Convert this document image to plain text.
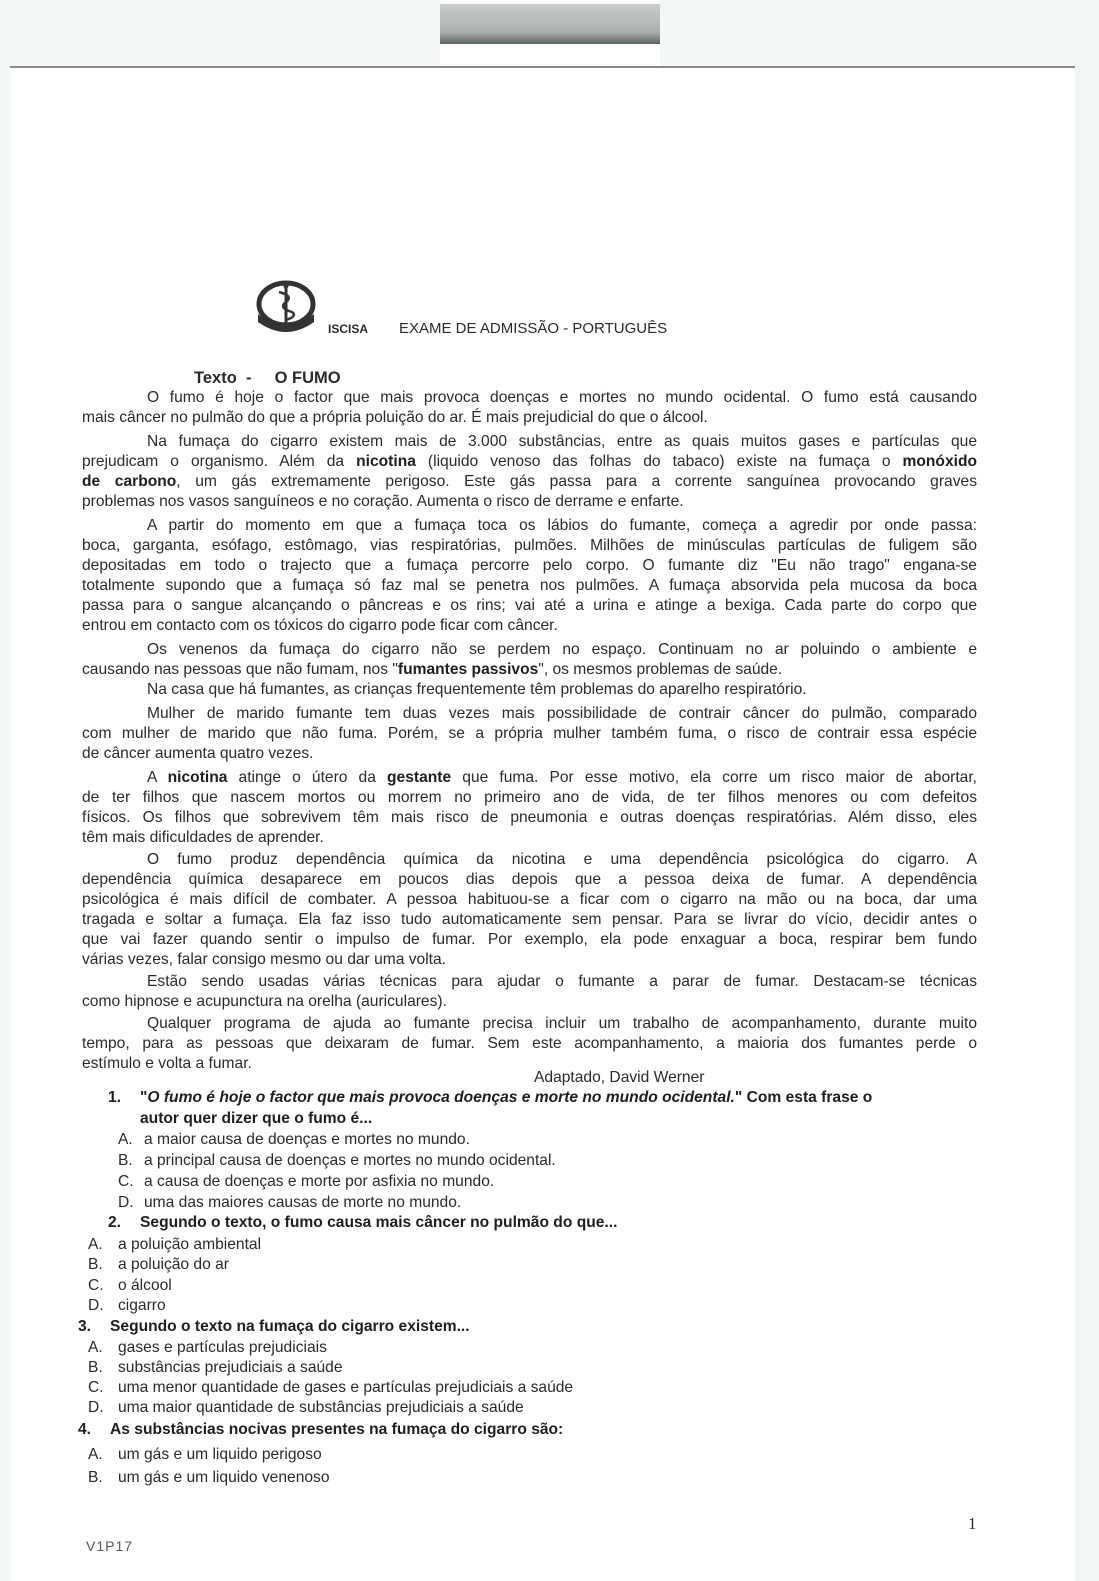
ISCISA EXAME DE ADMISSÃO - PORTUGUÊS
Texto  - O FUMO
O fumo é hoje o factor que mais provoca doenças e mortes no mundo ocidental. O fumo está causando
mais câncer no pulmão do que a própria poluição do ar. É mais prejudicial do que o álcool.
Na fumaça do cigarro existem mais de 3.000 substâncias, entre as quais muitos gases e partículas que
prejudicam o organismo. Além da nicotina (liquido venoso das folhas do tabaco) existe na fumaça o monóxido
de carbono, um gás extremamente perigoso. Este gás passa para a corrente sanguínea provocando graves
problemas nos vasos sanguíneos e no coração. Aumenta o risco de derrame e enfarte.
A partir do momento em que a fumaça toca os lábios do fumante, começa a agredir por onde passa:
boca, garganta, esófago, estômago, vias respiratórias, pulmões. Milhões de minúsculas partículas de fuligem são
depositadas em todo o trajecto que a fumaça percorre pelo corpo. O fumante diz "Eu não trago" engana-se
totalmente supondo que a fumaça só faz mal se penetra nos pulmões. A fumaça absorvida pela mucosa da boca
passa para o sangue alcançando o pâncreas e os rins; vai até a urina e atinge a bexiga. Cada parte do corpo que
entrou em contacto com os tóxicos do cigarro pode ficar com câncer.
Os venenos da fumaça do cigarro não se perdem no espaço. Continuam no ar poluindo o ambiente e
causando nas pessoas que não fumam, nos "fumantes passivos", os mesmos problemas de saúde.
Na casa que há fumantes, as crianças frequentemente têm problemas do aparelho respiratório.
Mulher de marido fumante tem duas vezes mais possibilidade de contrair câncer do pulmão, comparado
com mulher de marido que não fuma. Porém, se a própria mulher também fuma, o risco de contrair essa espécie
de câncer aumenta quatro vezes.
A nicotina atinge o útero da gestante que fuma. Por esse motivo, ela corre um risco maior de abortar,
de ter filhos que nascem mortos ou morrem no primeiro ano de vida, de ter filhos menores ou com defeitos
físicos. Os filhos que sobrevivem têm mais risco de pneumonia e outras doenças respiratórias. Além disso, eles
têm mais dificuldades de aprender.
O fumo produz dependência química da nicotina e uma dependência psicológica do cigarro. A
dependência química desaparece em poucos dias depois que a pessoa deixa de fumar. A dependência
psicológica é mais difícil de combater. A pessoa habituou-se a ficar com o cigarro na mão ou na boca, dar uma
tragada e soltar a fumaça. Ela faz isso tudo automaticamente sem pensar. Para se livrar do vício, decidir antes o
que vai fazer quando sentir o impulso de fumar. Por exemplo, ela pode enxaguar a boca, respirar bem fundo
várias vezes, falar consigo mesmo ou dar uma volta.
Estão sendo usadas várias técnicas para ajudar o fumante a parar de fumar. Destacam-se técnicas
como hipnose e acupunctura na orelha (auriculares).
Qualquer programa de ajuda ao fumante precisa incluir um trabalho de acompanhamento, durante muito
tempo, para as pessoas que deixaram de fumar. Sem este acompanhamento, a maioria dos fumantes perde o
estímulo e volta a fumar.
Adaptado, David Werner
1. "O fumo é hoje o factor que mais provoca doenças e morte no mundo ocidental." Com esta frase o
autor quer dizer que o fumo é...
A. a maior causa de doenças e mortes no mundo.
B. a principal causa de doenças e mortes no mundo ocidental.
C. a causa de doenças e morte por asfixia no mundo.
D. uma das maiores causas de morte no mundo.
2. Segundo o texto, o fumo causa mais câncer no pulmão do que...
A. a poluição ambiental
B. a poluição do ar
C. o álcool
D. cigarro
3. Segundo o texto na fumaça do cigarro existem...
A. gases e partículas prejudiciais
B. substâncias prejudiciais a saúde
C. uma menor quantidade de gases e partículas prejudiciais a saúde
D. uma maior quantidade de substâncias prejudiciais a saúde
4. As substâncias nocivas presentes na fumaça do cigarro são:
A. um gás e um liquido perigoso
B. um gás e um liquido venenoso
1
V1P17
